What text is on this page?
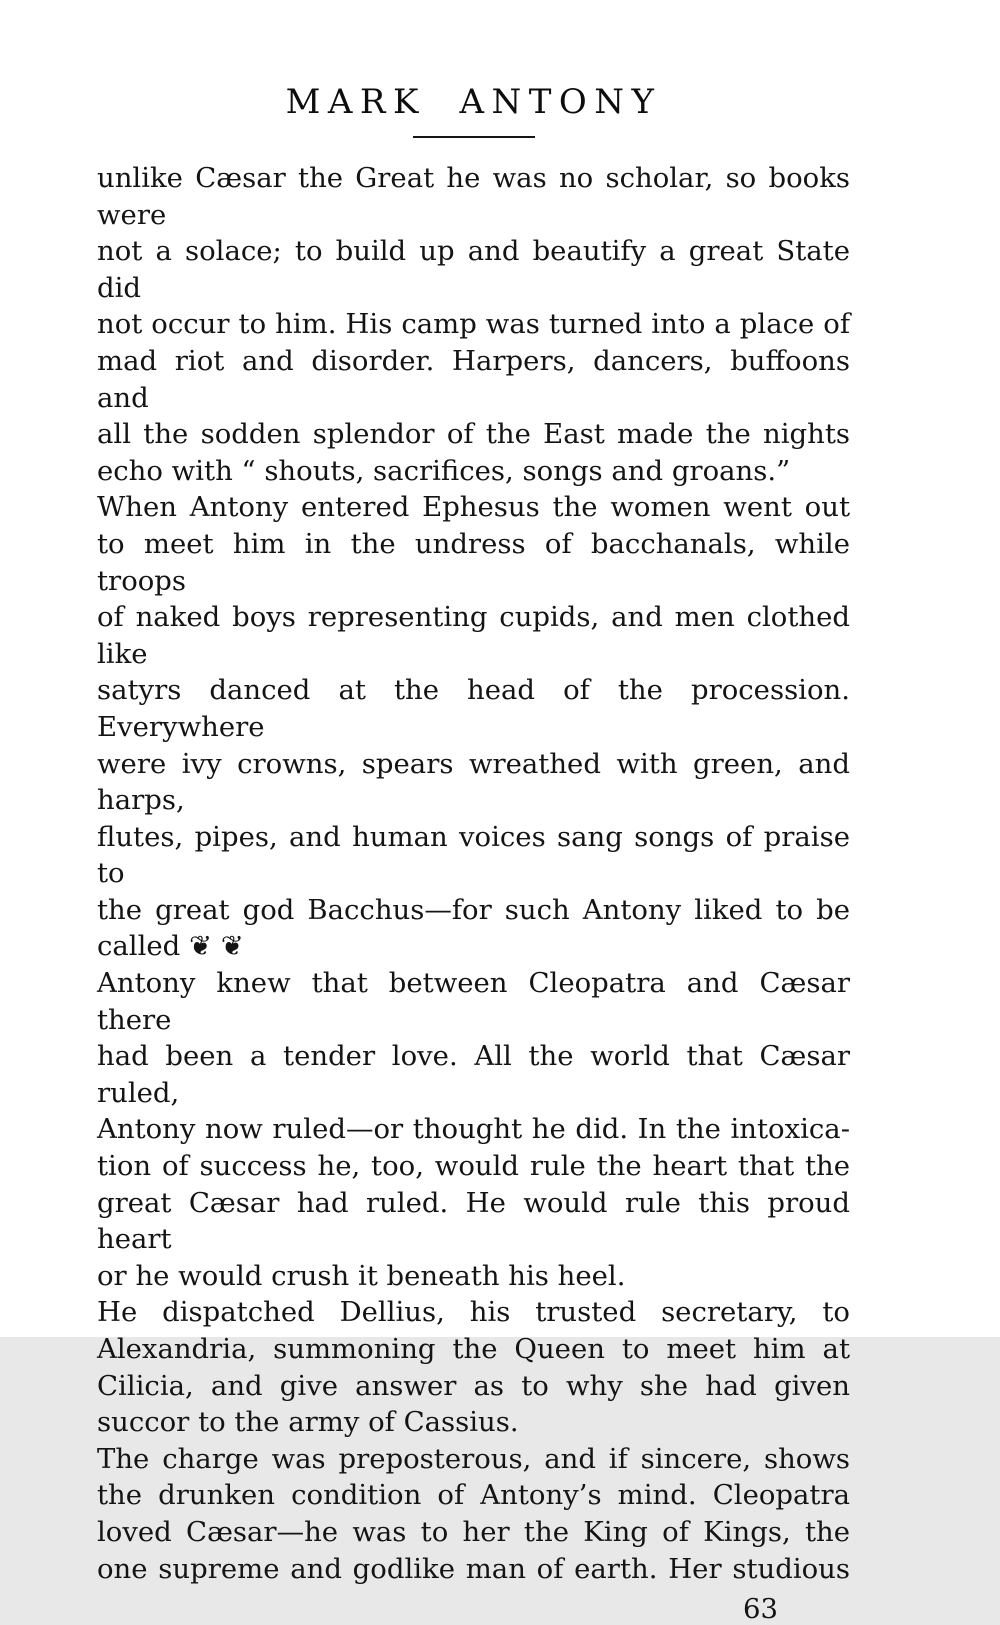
MARK ANTONY
unlike Cæsar the Great he was no scholar, so books were
not a solace; to build up and beautify a great State did
not occur to him. His camp was turned into a place of
mad riot and disorder. Harpers, dancers, buffoons and
all the sodden splendor of the East made the nights
echo with “ shouts, sacrifices, songs and groans.”
When Antony entered Ephesus the women went out
to meet him in the undress of bacchanals, while troops
of naked boys representing cupids, and men clothed like
satyrs danced at the head of the procession. Everywhere
were ivy crowns, spears wreathed with green, and harps,
flutes, pipes, and human voices sang songs of praise to
the great god Bacchus—for such Antony liked to be
called ❦ ❦
Antony knew that between Cleopatra and Cæsar there
had been a tender love. All the world that Cæsar ruled,
Antony now ruled—or thought he did. In the intoxica-
tion of success he, too, would rule the heart that the
great Cæsar had ruled. He would rule this proud heart
or he would crush it beneath his heel.
He dispatched Dellius, his trusted secretary, to
Alexandria, summoning the Queen to meet him at
Cilicia, and give answer as to why she had given
succor to the army of Cassius.
The charge was preposterous, and if sincere, shows
the drunken condition of Antony’s mind. Cleopatra
loved Cæsar—he was to her the King of Kings, the
one supreme and godlike man of earth. Her studious
63
